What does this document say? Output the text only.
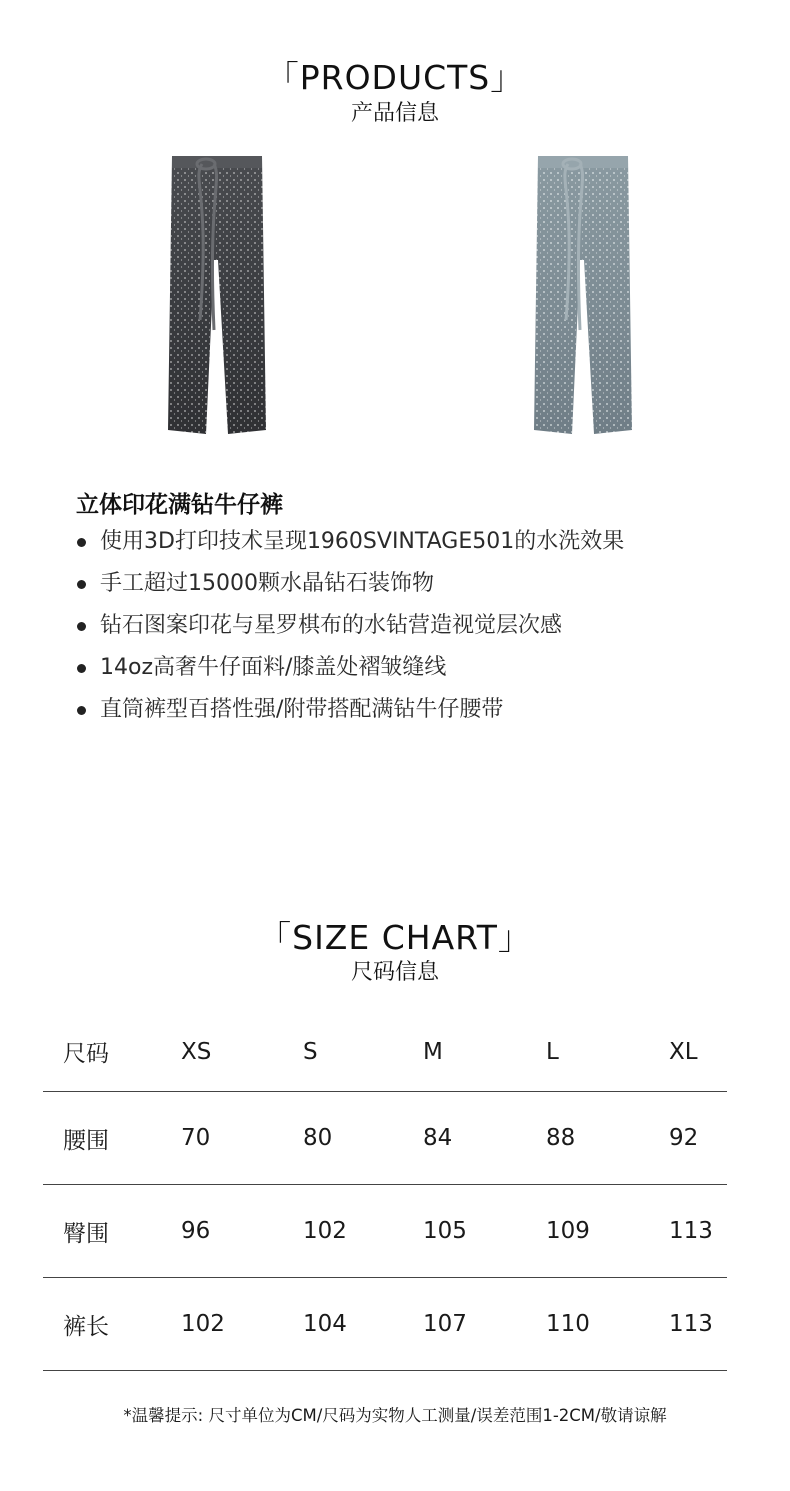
「PRODUCTS」
产品信息
立体印花满钻牛仔裤
使用3D打印技术呈现1960SVINTAGE501的水洗效果
手工超过15000颗水晶钻石装饰物
钻石图案印花与星罗棋布的水钻营造视觉层次感
14oz高奢牛仔面料/膝盖处褶皱缝线
直筒裤型百搭性强/附带搭配满钻牛仔腰带
「SIZE CHART」
尺码信息
尺码	XS	S	M	L	XL
腰围	70	80	84	88	92
臀围	96	102	105	109	113
裤长	102	104	107	110	113
*温馨提示: 尺寸单位为CM/尺码为实物人工测量/误差范围1-2CM/敬请谅解
